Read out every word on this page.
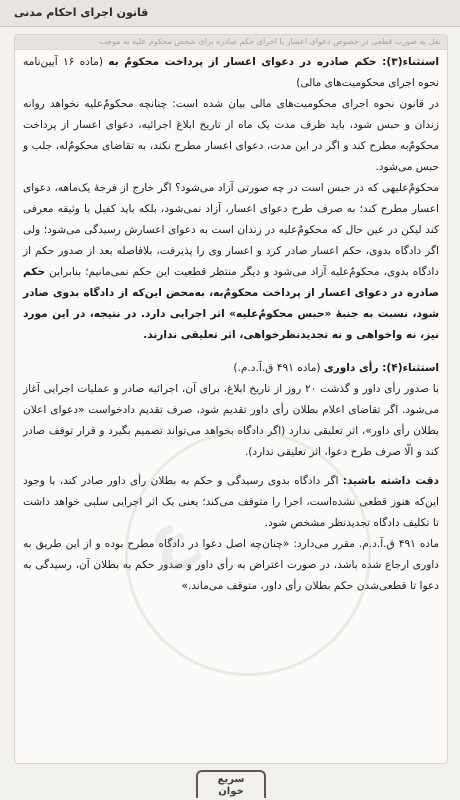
قانون اجرای احکام مدنی
نقل به صورت قطعی در خصوص دعوای اعسار یا اجرای حکم صادره برای شخص محکوم علیه به موجب

استثناء(۳): حکم صادره در دعوای اعسار از پرداخت محکومٌ به (ماده ۱۶ آیین‌نامه نحوه اجرای محکومیت‌های مالی)

در قانون نحوه اجرای محکومیت‌های مالی بیان شده است: چنانچه محکومٌ‌علیه نخواهد روانه زندان و حبس شود، باید ظرف مدت یک ماه از تاریخ ابلاغ اجرائیه، دعوای اعسار از پرداخت محکومٌ‌به مطرح کند و اگر در این مدت، دعوای اعسار مطرح نکند، به تقاضای محکومٌ‌له، جلب و حبس می‌شود.

محکومٌ‌علیهی که در حبس است در چه صورتی آزاد می‌شود؟ اگر خارج از فرجهٔ یک‌ماهه، دعوای اعسار مطرح کند؛ به صرف طرح دعوای اعسار، آزاد نمی‌شود، بلکه باید کفیل یا وثیقه معرفی کند لیکن در عین حال که محکومٌ‌علیه در زندان است به دعوای اعسارش رسیدگی می‌شود؛ ولی اگر دادگاه بدوی، حکم اعسار صادر کرد و اعسار وی را پذیرفت، بلافاصله بعد از صدور حکم از دادگاه بدوی، محکومٌ‌علیه آزاد می‌شود و دیگر منتظر قطعیت این حکم نمی‌مانیم؛ بنابراین حکم صادره در دعوای اعسار از پرداخت محکومٌ‌به، به‌محض این‌که از دادگاه بدوی صادر شود، نسبت به جنبهٔ «حبس محکومٌ‌علیه» اثر اجرایی دارد. در نتیجه، در این مورد نیز، نه واخواهی و نه تجدیدنظرخواهی، اثر تعلیقی ندارند.

استثناء(۴): رأی داوری (ماده ۴۹۱ ق.آ.د.م.)

با صدور رأی داور و گذشت ۲۰ روز از تاریخ ابلاغ، برای آن، اجرائیه صادر و عملیات اجرایی آغاز می‌شود. اگر تقاضای اعلام بطلان رأی داور تقدیم شود، صرف تقدیم دادخواست «دعوای اعلان بطلان رأی داور»، اثر تعلیقی ندارد (اگر دادگاه بخواهد می‌تواند تصمیم بگیرد و قرار توقف صادر کند و الّا صرف طرح دعوا، اثر تعلیقی ندارد).

دقت داشته باشید: اگر دادگاه بدوی رسیدگی و حکم به بطلان رأی داور صادر کند، با وجود این‌که هنوز قطعی نشده‌است، اجرا را متوقف می‌کند؛ یعنی یک اثر اجرایی سلبی خواهد داشت تا تکلیف دادگاه تجدیدنظر مشخص شود.

ماده ۴۹۱ ق.آ.د.م. مقرر می‌دارد: «چنان‌چه اصل دعوا در دادگاه مطرح بوده و از این طریق به داوری ارجاع شده باشد، در صورت اعتراض به رأی داور و صدور حکم به بطلان آن، رسیدگی به دعوا تا قطعی‌شدن حکم بطلان رأی داور، متوقف می‌ماند.»

ع
سریع
خوان
